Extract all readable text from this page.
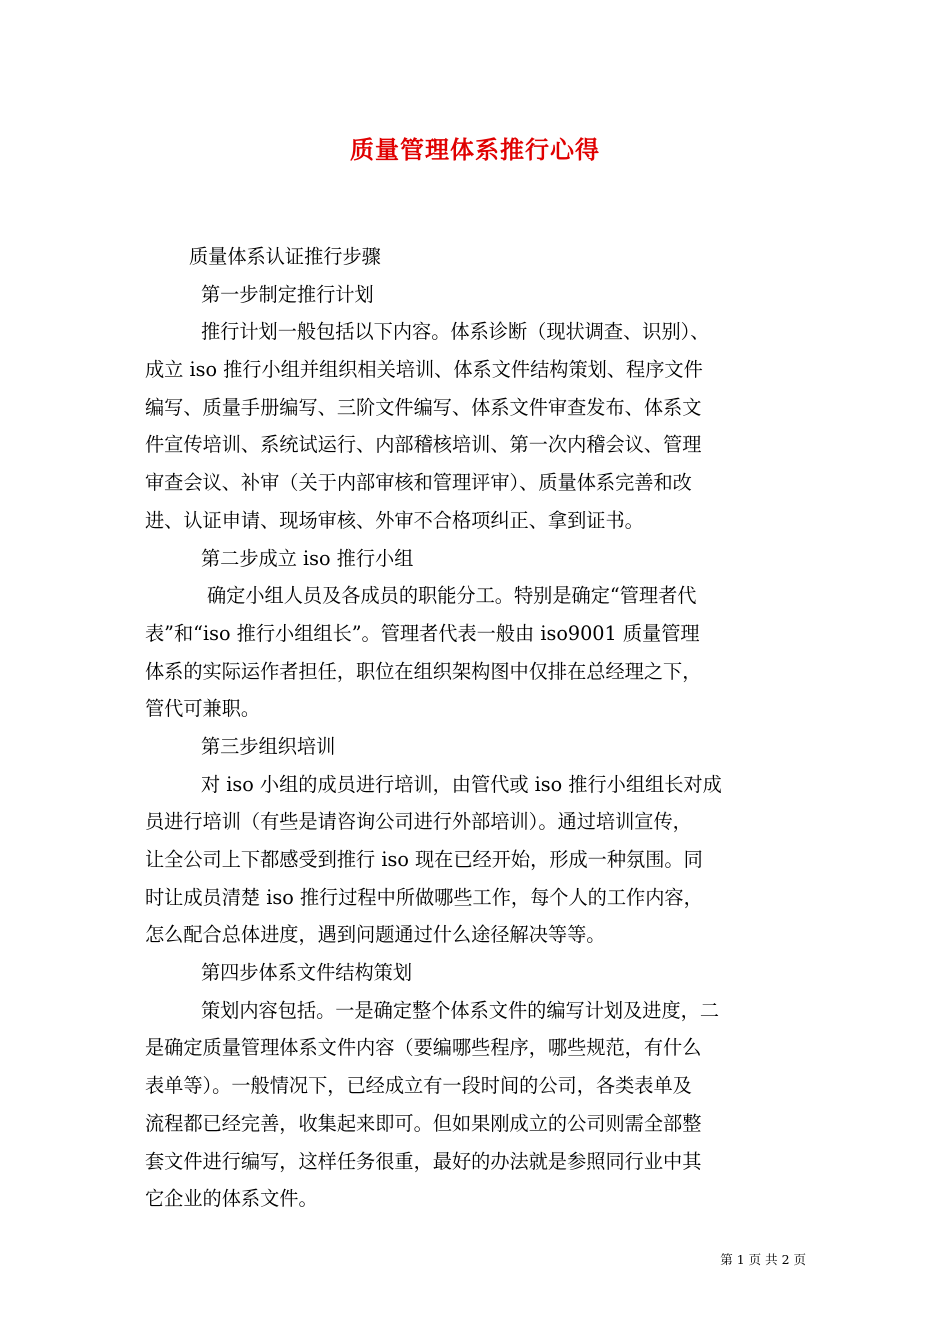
质量管理体系推行心得

质量体系认证推行步骤

第一步制定推行计划

推行计划一般包括以下内容。体系诊断（现状调查、识别）、

成立 iso 推行小组并组织相关培训、体系文件结构策划、程序文件

编写、质量手册编写、三阶文件编写、体系文件审查发布、体系文

件宣传培训、系统试运行、内部稽核培训、第一次内稽会议、管理

审查会议、补审（关于内部审核和管理评审）、质量体系完善和改

进、认证申请、现场审核、外审不合格项纠正、拿到证书。

第二步成立 iso 推行小组

确定小组人员及各成员的职能分工。特别是确定“管理者代

表”和“iso 推行小组组长”。管理者代表一般由 iso9001 质量管理

体系的实际运作者担任，职位在组织架构图中仅排在总经理之下，

管代可兼职。

第三步组织培训

对 iso 小组的成员进行培训，由管代或 iso 推行小组组长对成

员进行培训（有些是请咨询公司进行外部培训）。通过培训宣传，

让全公司上下都感受到推行 iso 现在已经开始，形成一种氛围。同

时让成员清楚 iso 推行过程中所做哪些工作，每个人的工作内容，

怎么配合总体进度，遇到问题通过什么途径解决等等。

第四步体系文件结构策划

策划内容包括。一是确定整个体系文件的编写计划及进度，二

是确定质量管理体系文件内容（要编哪些程序，哪些规范，有什么

表单等）。一般情况下，已经成立有一段时间的公司，各类表单及

流程都已经完善，收集起来即可。但如果刚成立的公司则需全部整

套文件进行编写，这样任务很重，最好的办法就是参照同行业中其

它企业的体系文件。

第 1 页 共 2 页
